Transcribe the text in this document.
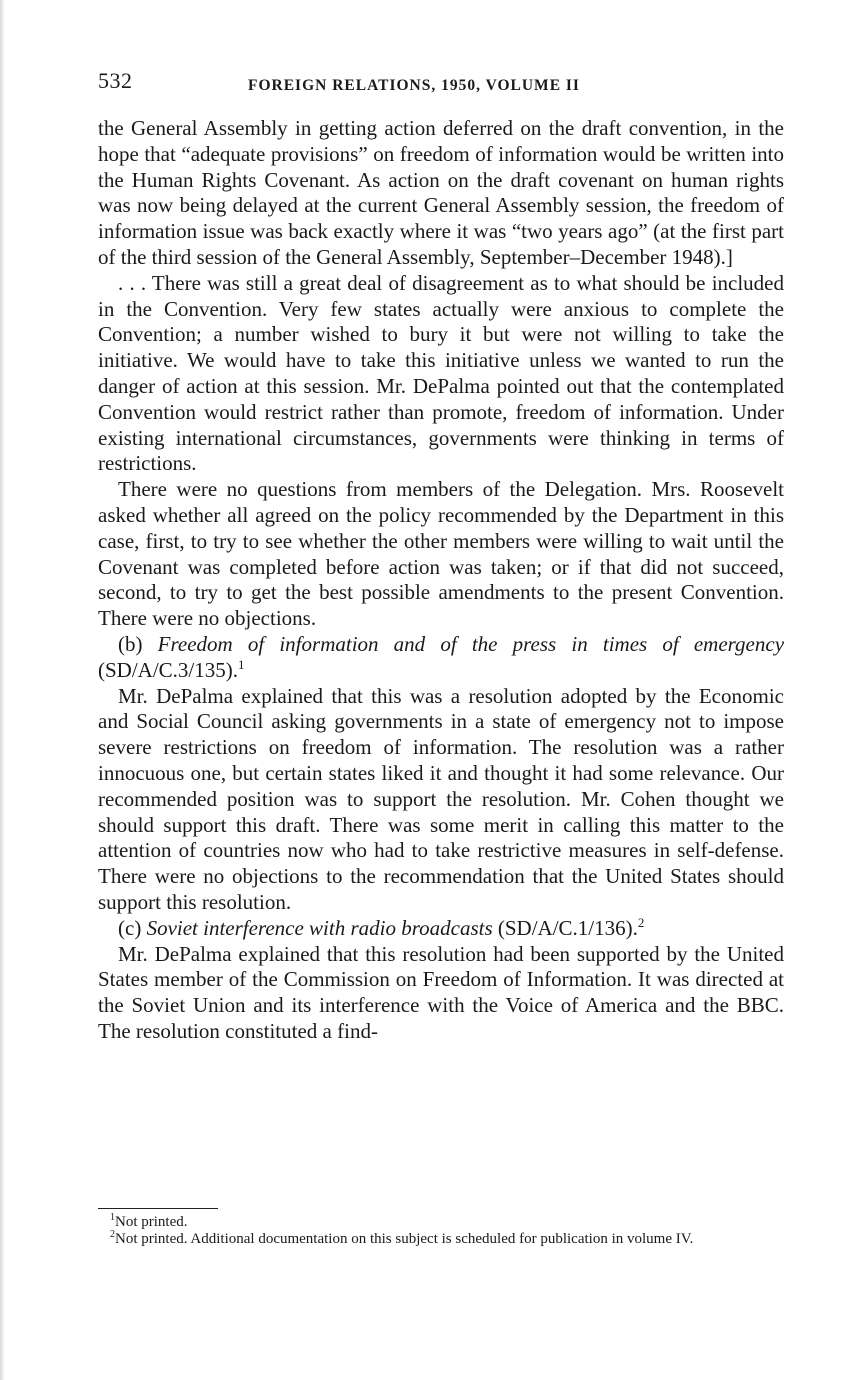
532	FOREIGN RELATIONS, 1950, VOLUME II

the General Assembly in getting action deferred on the draft convention, in the hope that “adequate provisions” on freedom of information would be written into the Human Rights Covenant. As action on the draft covenant on human rights was now being delayed at the current General Assembly session, the freedom of information issue was back exactly where it was “two years ago” (at the first part of the third session of the General Assembly, September–December 1948).]

. . . There was still a great deal of disagreement as to what should be included in the Convention. Very few states actually were anxious to complete the Convention; a number wished to bury it but were not willing to take the initiative. We would have to take this initiative unless we wanted to run the danger of action at this session. Mr. DePalma pointed out that the contemplated Convention would restrict rather than promote, freedom of information. Under existing international circumstances, governments were thinking in terms of restrictions.

There were no questions from members of the Delegation. Mrs. Roosevelt asked whether all agreed on the policy recommended by the Department in this case, first, to try to see whether the other members were willing to wait until the Covenant was completed before action was taken; or if that did not succeed, second, to try to get the best possible amendments to the present Convention. There were no objections.

(b) Freedom of information and of the press in times of emergency (SD/A/C.3/135).$^1$

Mr. DePalma explained that this was a resolution adopted by the Economic and Social Council asking governments in a state of emergency not to impose severe restrictions on freedom of information. The resolution was a rather innocuous one, but certain states liked it and thought it had some relevance. Our recommended position was to support the resolution. Mr. Cohen thought we should support this draft. There was some merit in calling this matter to the attention of countries now who had to take restrictive measures in self-defense. There were no objections to the recommendation that the United States should support this resolution.

(c) Soviet interference with radio broadcasts (SD/A/C.1/136).$^2$

Mr. DePalma explained that this resolution had been supported by the United States member of the Commission on Freedom of Information. It was directed at the Soviet Union and its interference with the Voice of America and the BBC. The resolution constituted a find-

$^1$Not printed.

$^2$Not printed. Additional documentation on this subject is scheduled for publication in volume IV.
